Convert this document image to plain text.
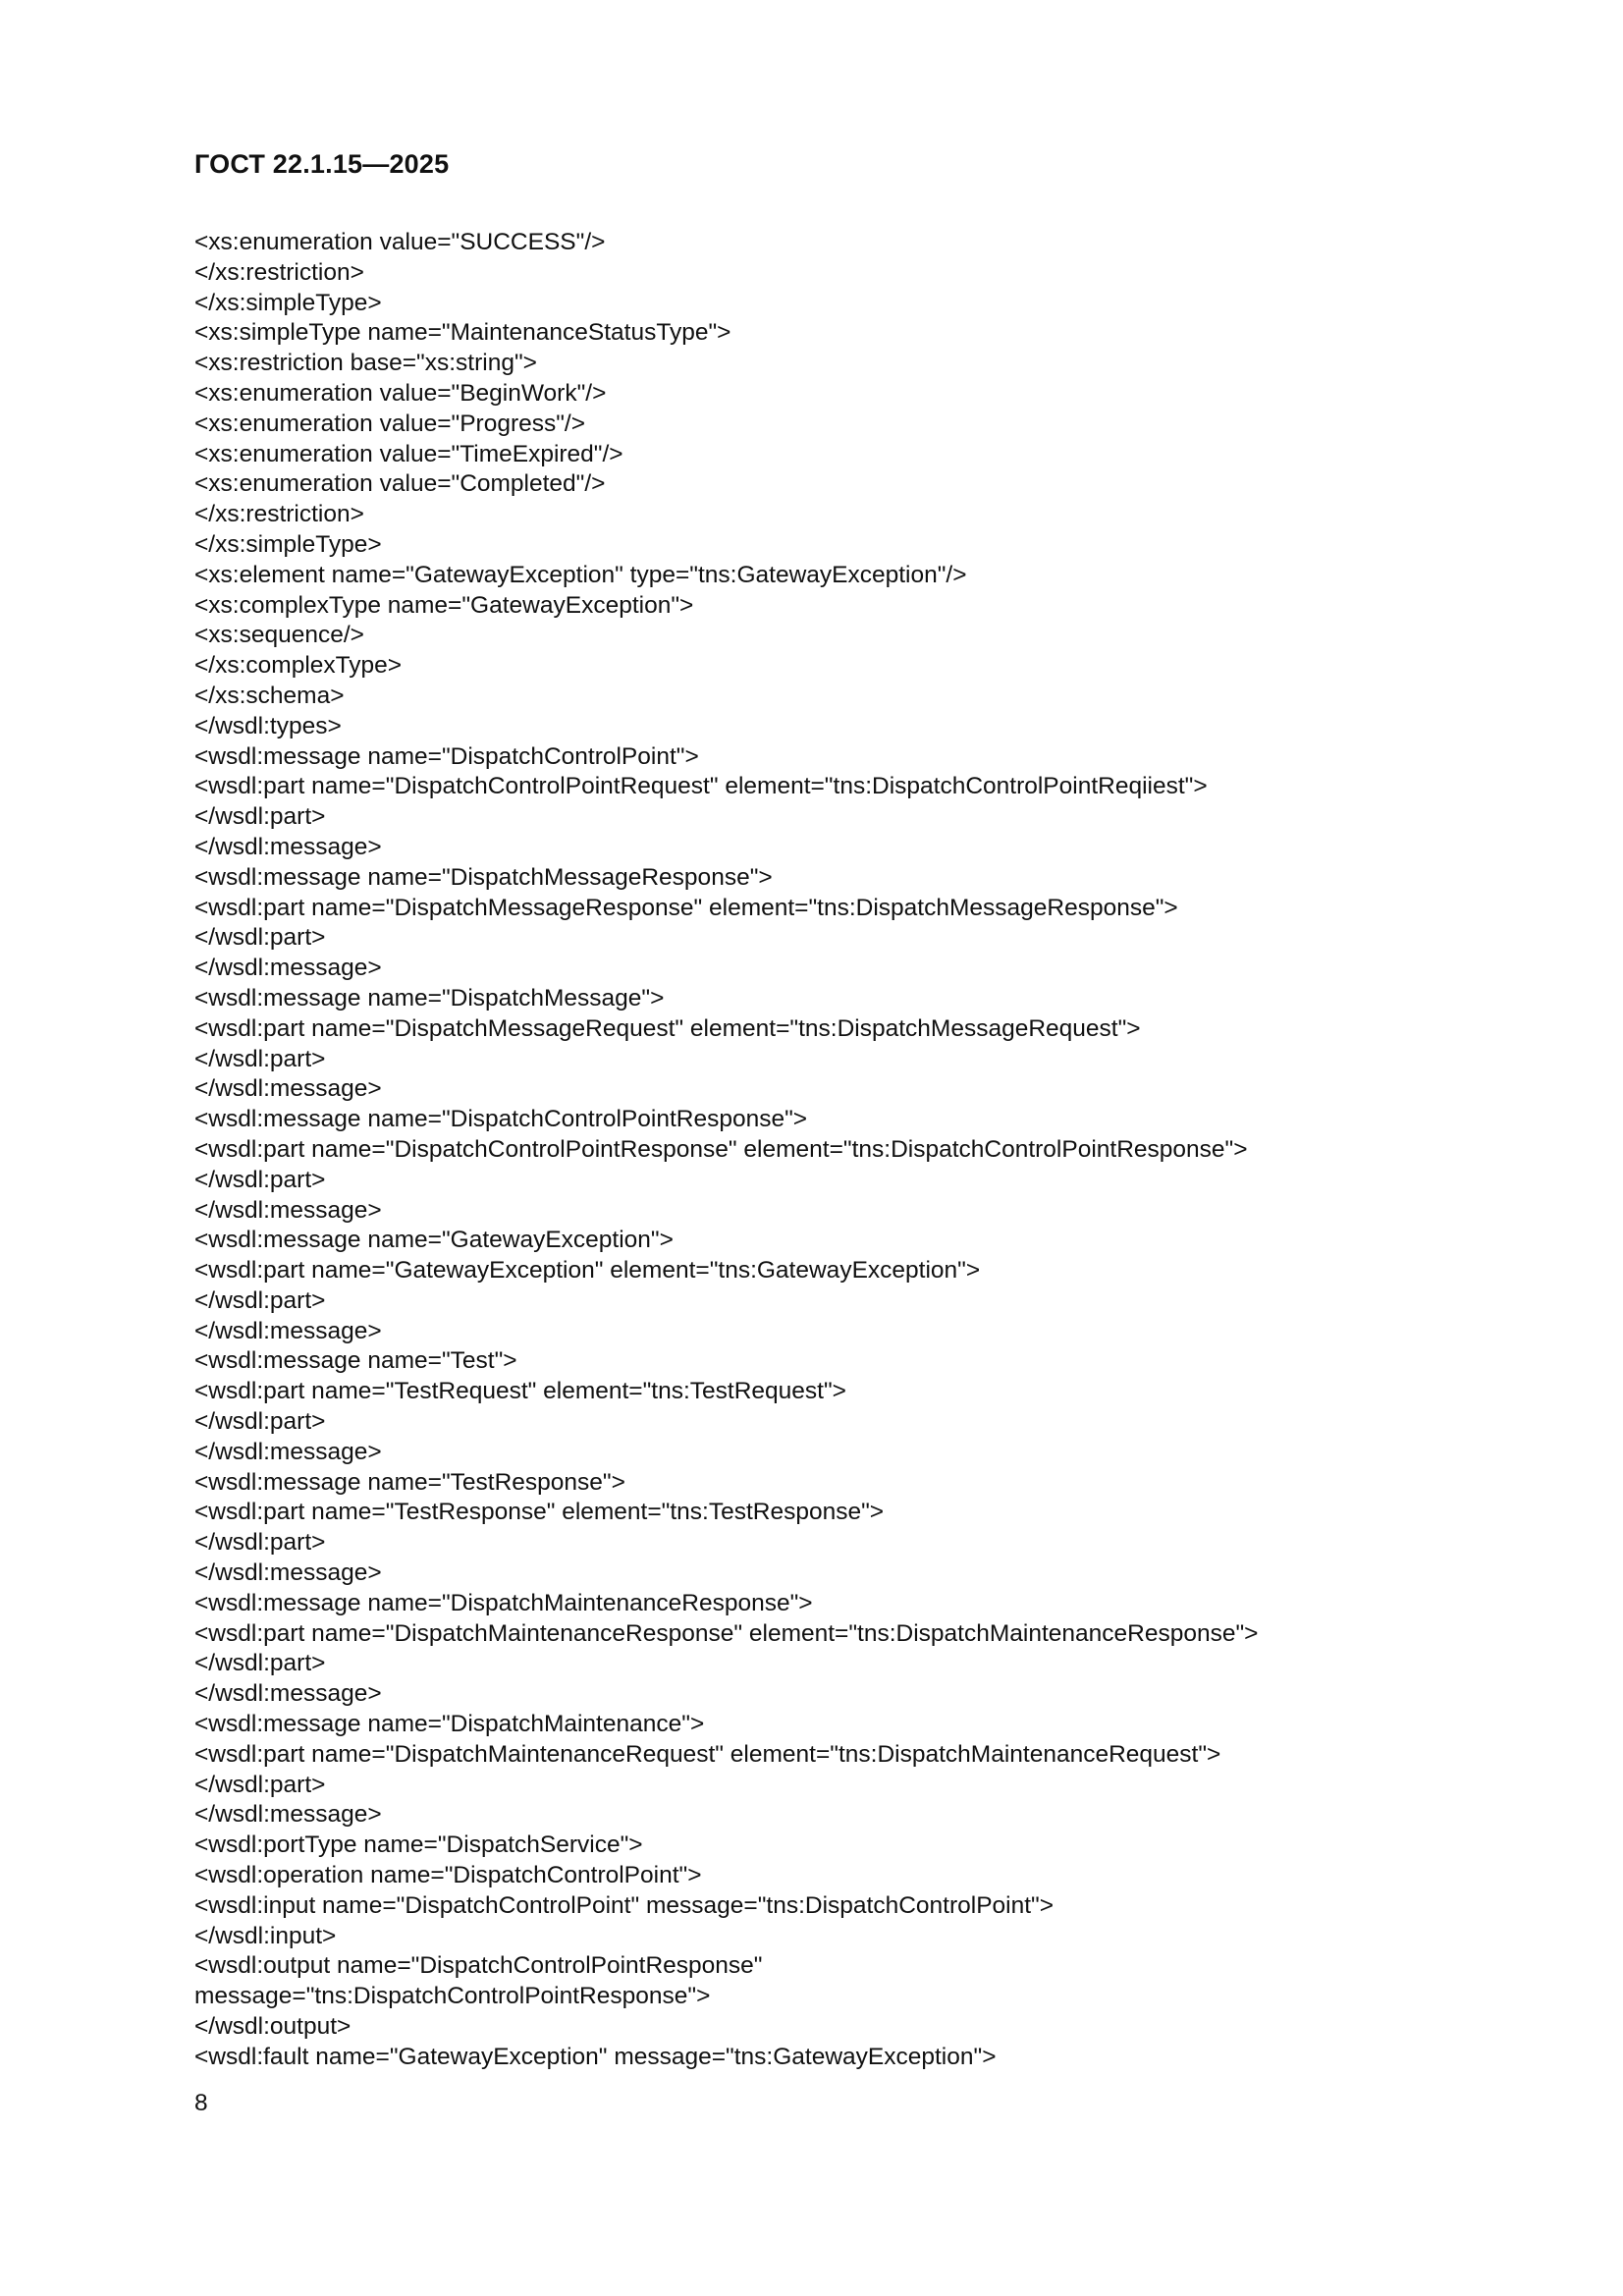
ГОСТ 22.1.15—2025
<xs:enumeration value="SUCCESS"/>
</xs:restriction>
</xs:simpleType>
<xs:simpleType name="MaintenanceStatusType">
<xs:restriction base="xs:string">
<xs:enumeration value="BeginWork"/>
<xs:enumeration value="Progress"/>
<xs:enumeration value="TimeExpired"/>
<xs:enumeration value="Completed"/>
</xs:restriction>
</xs:simpleType>
<xs:element name="GatewayException" type="tns:GatewayException"/>
<xs:complexType name="GatewayException">
<xs:sequence/>
</xs:complexType>
</xs:schema>
</wsdl:types>
<wsdl:message name="DispatchControlPoint">
<wsdl:part name="DispatchControlPointRequest" element="tns:DispatchControlPointReqiiest">
</wsdl:part>
</wsdl:message>
<wsdl:message name="DispatchMessageResponse">
<wsdl:part name="DispatchMessageResponse" element="tns:DispatchMessageResponse">
</wsdl:part>
</wsdl:message>
<wsdl:message name="DispatchMessage">
<wsdl:part name="DispatchMessageRequest" element="tns:DispatchMessageRequest">
</wsdl:part>
</wsdl:message>
<wsdl:message name="DispatchControlPointResponse">
<wsdl:part name="DispatchControlPointResponse" element="tns:DispatchControlPointResponse">
</wsdl:part>
</wsdl:message>
<wsdl:message name="GatewayException">
<wsdl:part name="GatewayException" element="tns:GatewayException">
</wsdl:part>
</wsdl:message>
<wsdl:message name="Test">
<wsdl:part name="TestRequest" element="tns:TestRequest">
</wsdl:part>
</wsdl:message>
<wsdl:message name="TestResponse">
<wsdl:part name="TestResponse" element="tns:TestResponse">
</wsdl:part>
</wsdl:message>
<wsdl:message name="DispatchMaintenanceResponse">
<wsdl:part name="DispatchMaintenanceResponse" element="tns:DispatchMaintenanceResponse">
</wsdl:part>
</wsdl:message>
<wsdl:message name="DispatchMaintenance">
<wsdl:part name="DispatchMaintenanceRequest" element="tns:DispatchMaintenanceRequest">
</wsdl:part>
</wsdl:message>
<wsdl:portType name="DispatchService">
<wsdl:operation name="DispatchControlPoint">
<wsdl:input name="DispatchControlPoint" message="tns:DispatchControlPoint">
</wsdl:input>
<wsdl:output name="DispatchControlPointResponse"
message="tns:DispatchControlPointResponse">
</wsdl:output>
<wsdl:fault name="GatewayException" message="tns:GatewayException">
8
